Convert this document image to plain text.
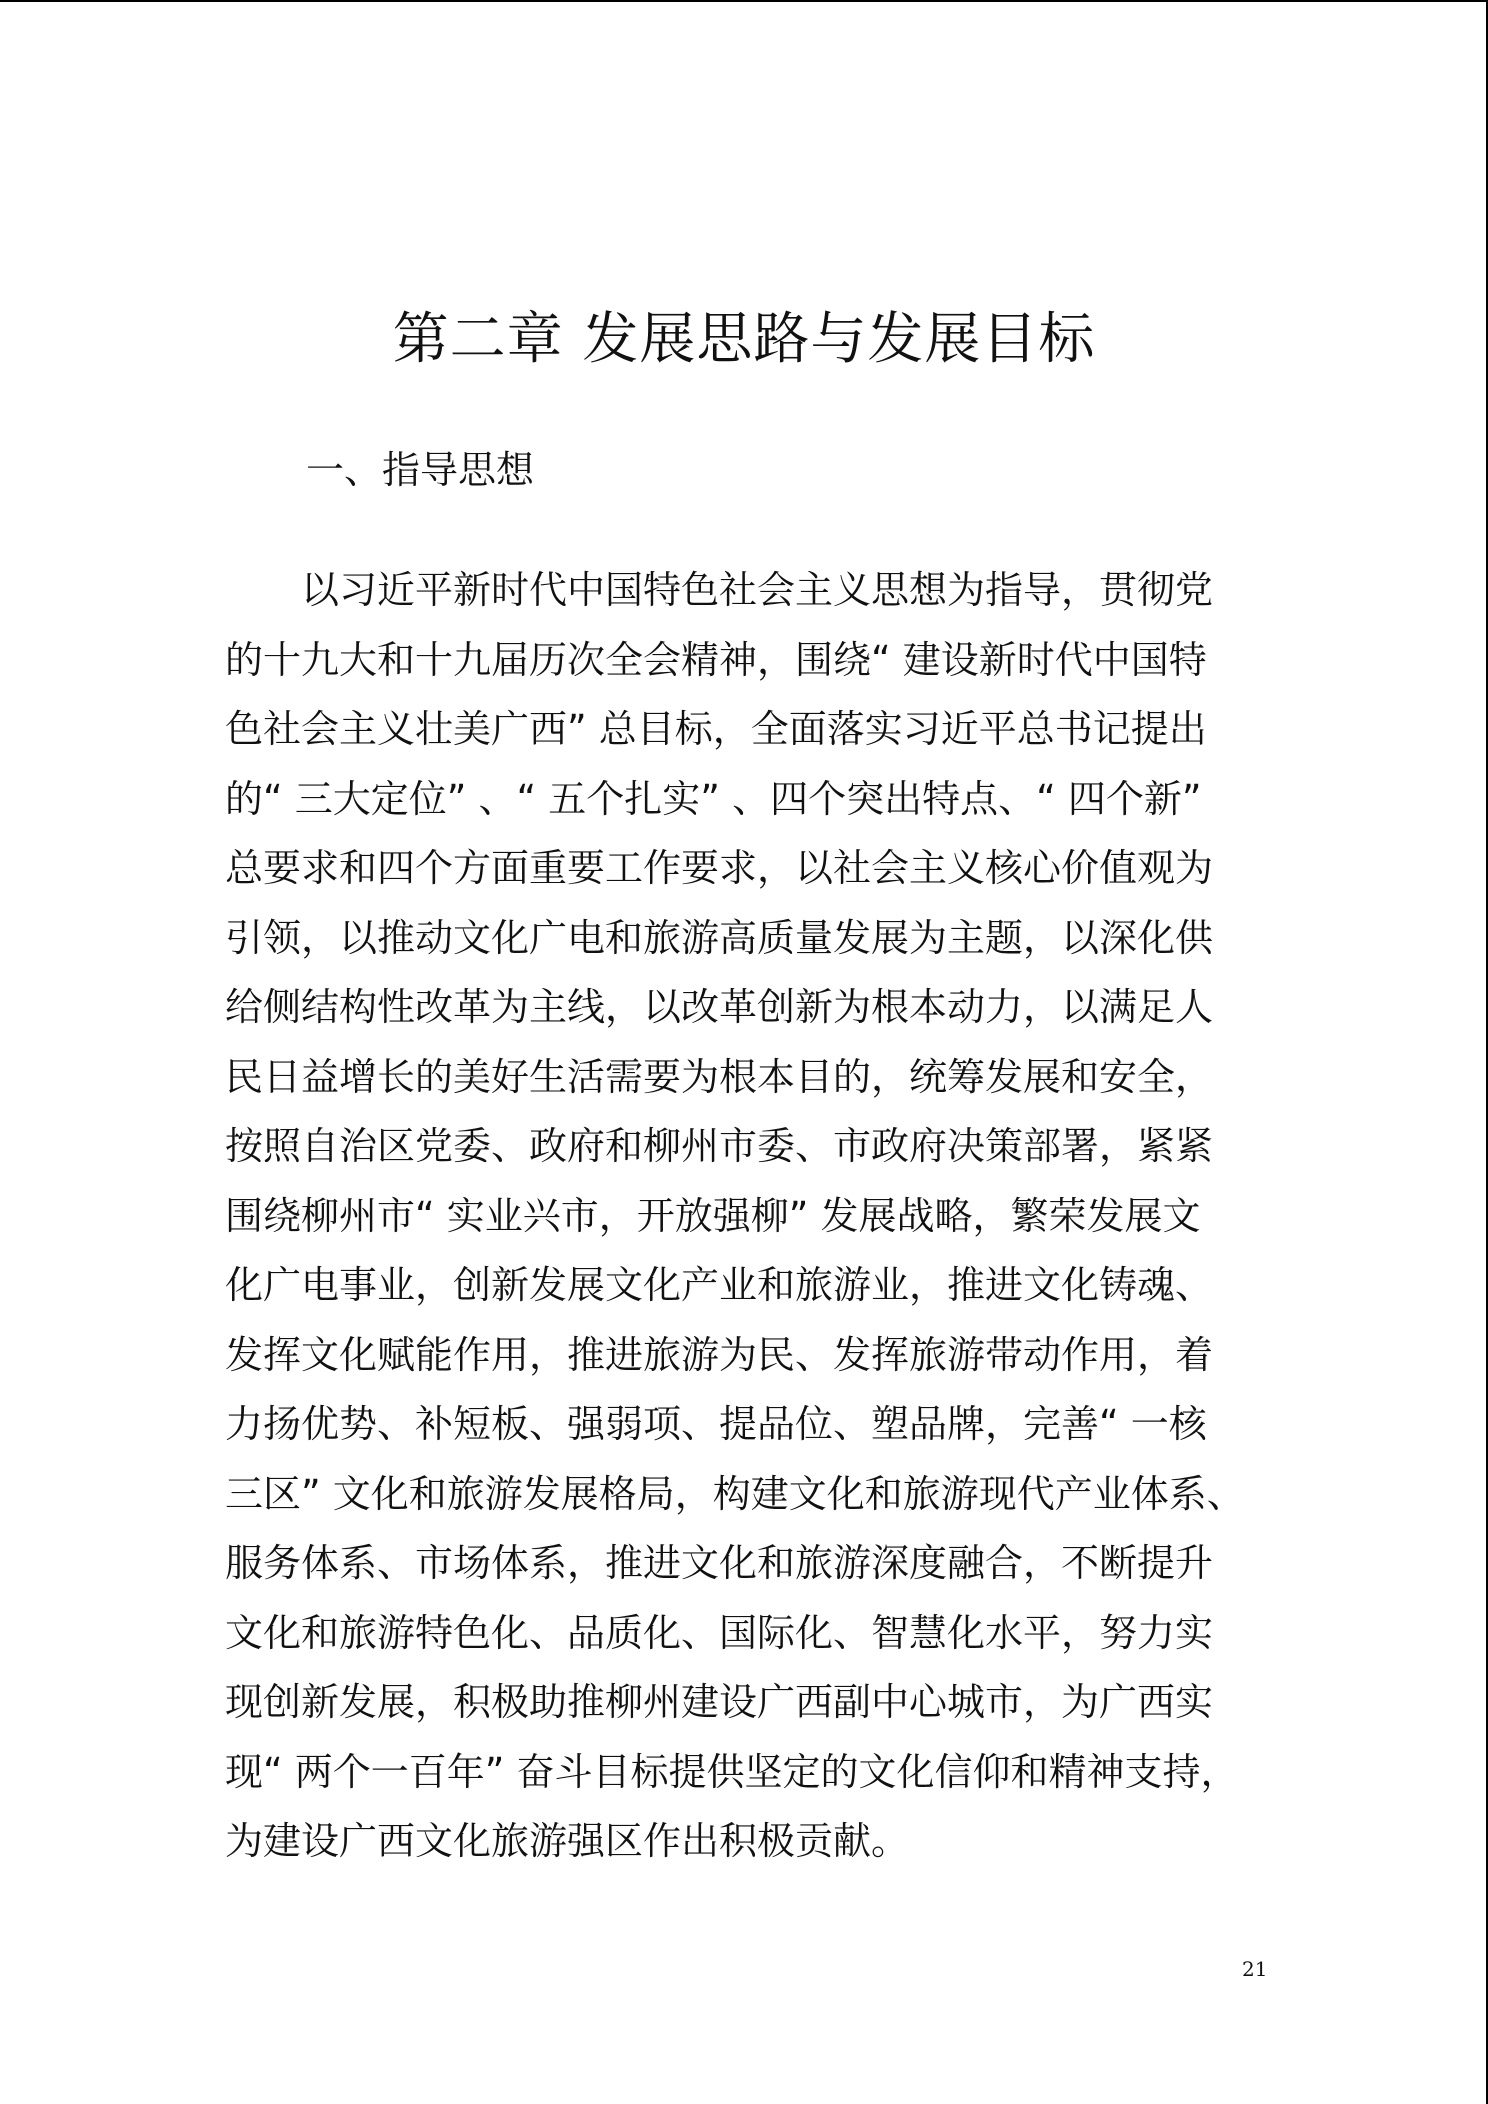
第二章 发展思路与发展目标
一、指导思想
　　以习近平新时代中国特色社会主义思想为指导，贯彻党
的十九大和十九届历次全会精神，围绕“ 建设新时代中国特
色社会主义壮美广西” 总目标，全面落实习近平总书记提出
的“ 三大定位” 、“ 五个扎实” 、四个突出特点、“ 四个新”
总要求和四个方面重要工作要求，以社会主义核心价值观为
引领，以推动文化广电和旅游高质量发展为主题，以深化供
给侧结构性改革为主线，以改革创新为根本动力，以满足人
民日益增长的美好生活需要为根本目的，统筹发展和安全，
按照自治区党委、政府和柳州市委、市政府决策部署，紧紧
围绕柳州市“ 实业兴市，开放强柳” 发展战略，繁荣发展文
化广电事业，创新发展文化产业和旅游业，推进文化铸魂、
发挥文化赋能作用，推进旅游为民、发挥旅游带动作用，着
力扬优势、补短板、强弱项、提品位、塑品牌，完善“ 一核
三区” 文化和旅游发展格局，构建文化和旅游现代产业体系、
服务体系、市场体系，推进文化和旅游深度融合，不断提升
文化和旅游特色化、品质化、国际化、智慧化水平，努力实
现创新发展，积极助推柳州建设广西副中心城市，为广西实
现“ 两个一百年” 奋斗目标提供坚定的文化信仰和精神支持，
为建设广西文化旅游强区作出积极贡献。
21
